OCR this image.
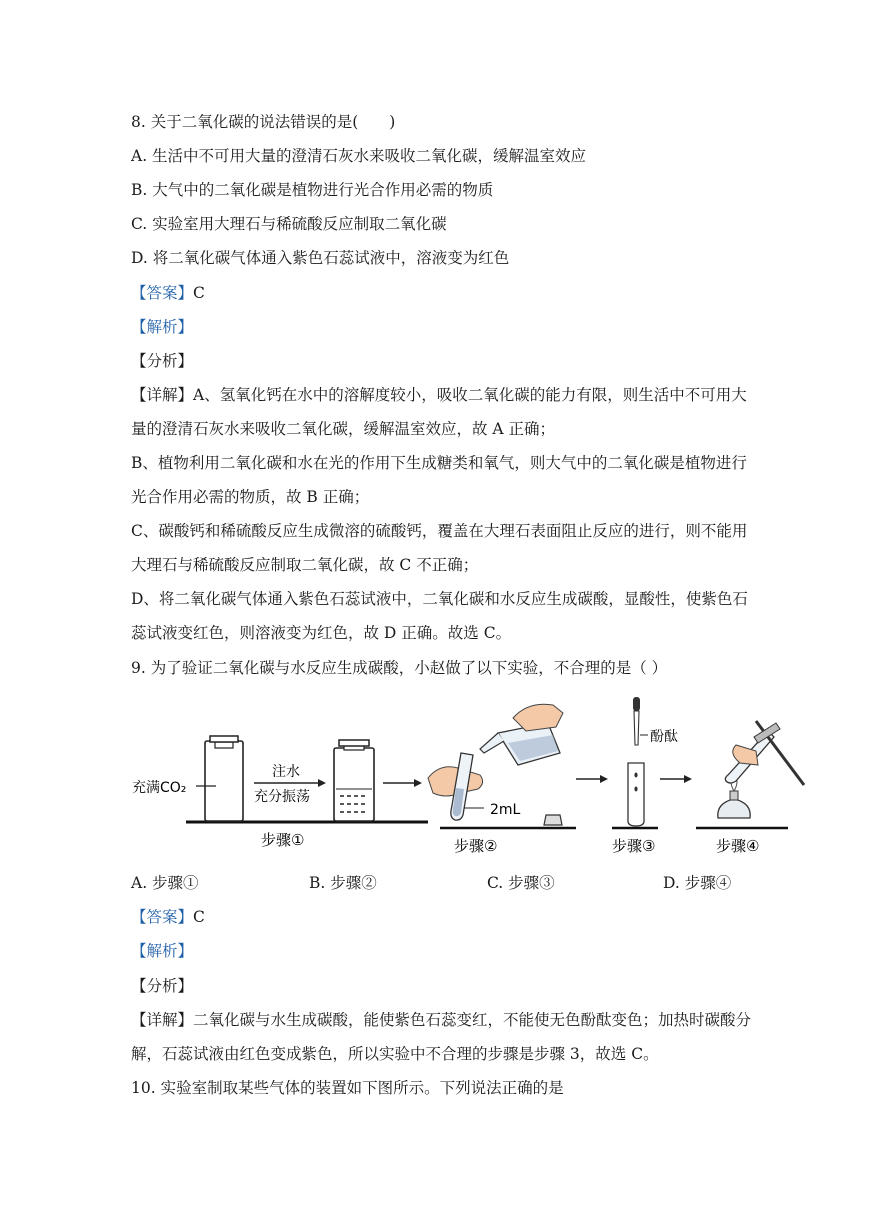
8. 关于二氧化碳的说法错误的是(　　)
A. 生活中不可用大量的澄清石灰水来吸收二氧化碳，缓解温室效应
B. 大气中的二氧化碳是植物进行光合作用必需的物质
C. 实验室用大理石与稀硫酸反应制取二氧化碳
D. 将二氧化碳气体通入紫色石蕊试液中，溶液变为红色
【答案】C
【解析】
【分析】
【详解】A、氢氧化钙在水中的溶解度较小，吸收二氧化碳的能力有限，则生活中不可用大
量的澄清石灰水来吸收二氧化碳，缓解温室效应，故 A 正确；
B、植物利用二氧化碳和水在光的作用下生成糖类和氧气，则大气中的二氧化碳是植物进行
光合作用必需的物质，故 B 正确；
C、碳酸钙和稀硫酸反应生成微溶的硫酸钙，覆盖在大理石表面阻止反应的进行，则不能用
大理石与稀硫酸反应制取二氧化碳，故 C 不正确；
D、将二氧化碳气体通入紫色石蕊试液中，二氧化碳和水反应生成碳酸，显酸性，使紫色石
蕊试液变红色，则溶液变为红色，故 D 正确。故选 C。
9. 为了验证二氧化碳与水反应生成碳酸，小赵做了以下实验，不合理的是（ ）
充满CO₂
注水
充分振荡
步骤①
2mL
步骤②
酚酞
步骤③	步骤④
A. 步骤①	B. 步骤②	C. 步骤③	D. 步骤④
【答案】C
【解析】
【分析】
【详解】二氧化碳与水生成碳酸，能使紫色石蕊变红，不能使无色酚酞变色；加热时碳酸分
解，石蕊试液由红色变成紫色，所以实验中不合理的步骤是步骤 3，故选 C。
10. 实验室制取某些气体的装置如下图所示。下列说法正确的是
